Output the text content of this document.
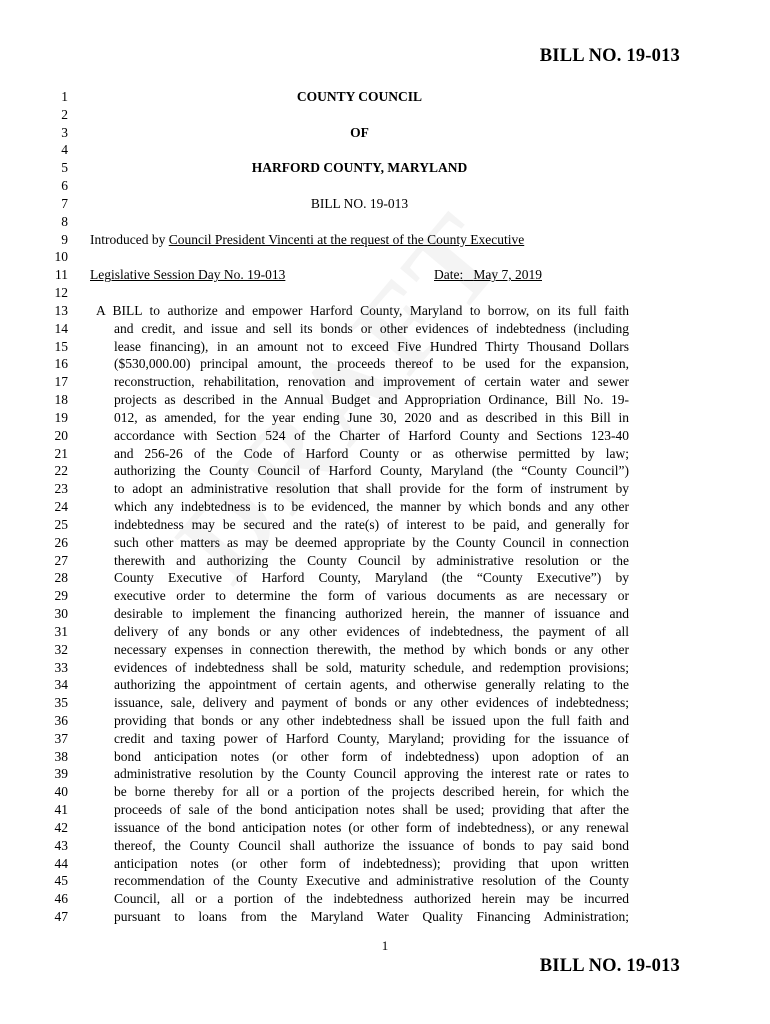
BILL NO. 19-013
1
2
3
4
5
6
7
8
9
10
11
12
13
14
15
16
17
18
19
20
21
22
23
24
25
26
27
28
29
30
31
32
33
34
35
36
37
38
39
40
41
42
43
44
45
46
47
COUNTY COUNCIL
OF
HARFORD COUNTY, MARYLAND
BILL NO. 19-013
Introduced by Council President Vincenti at the request of the County Executive
Legislative Session Day No. 19-013	Date: May 7, 2019
A BILL to authorize and empower Harford County, Maryland to borrow, on its full faith
and credit, and issue and sell its bonds or other evidences of indebtedness (including
lease financing), in an amount not to exceed Five Hundred Thirty Thousand Dollars
($530,000.00) principal amount, the proceeds thereof to be used for the expansion,
reconstruction, rehabilitation, renovation and improvement of certain water and sewer
projects as described in the Annual Budget and Appropriation Ordinance, Bill No. 19-
012, as amended, for the year ending June 30, 2020 and as described in this Bill in
accordance with Section 524 of the Charter of Harford County and Sections 123-40
and 256-26 of the Code of Harford County or as otherwise permitted by law;
authorizing the County Council of Harford County, Maryland (the “County Council”)
to adopt an administrative resolution that shall provide for the form of instrument by
which any indebtedness is to be evidenced, the manner by which bonds and any other
indebtedness may be secured and the rate(s) of interest to be paid, and generally for
such other matters as may be deemed appropriate by the County Council in connection
therewith and authorizing the County Council by administrative resolution or the
County Executive of Harford County, Maryland (the “County Executive”) by
executive order to determine the form of various documents as are necessary or
desirable to implement the financing authorized herein, the manner of issuance and
delivery of any bonds or any other evidences of indebtedness, the payment of all
necessary expenses in connection therewith, the method by which bonds or any other
evidences of indebtedness shall be sold, maturity schedule, and redemption provisions;
authorizing the appointment of certain agents, and otherwise generally relating to the
issuance, sale, delivery and payment of bonds or any other evidences of indebtedness;
providing that bonds or any other indebtedness shall be issued upon the full faith and
credit and taxing power of Harford County, Maryland; providing for the issuance of
bond anticipation notes (or other form of indebtedness) upon adoption of an
administrative resolution by the County Council approving the interest rate or rates to
be borne thereby for all or a portion of the projects described herein, for which the
proceeds of sale of the bond anticipation notes shall be used; providing that after the
issuance of the bond anticipation notes (or other form of indebtedness), or any renewal
thereof, the County Council shall authorize the issuance of bonds to pay said bond
anticipation notes (or other form of indebtedness); providing that upon written
recommendation of the County Executive and administrative resolution of the County
Council, all or a portion of the indebtedness authorized herein may be incurred
pursuant to loans from the Maryland Water Quality Financing Administration;
1
BILL NO. 19-013
